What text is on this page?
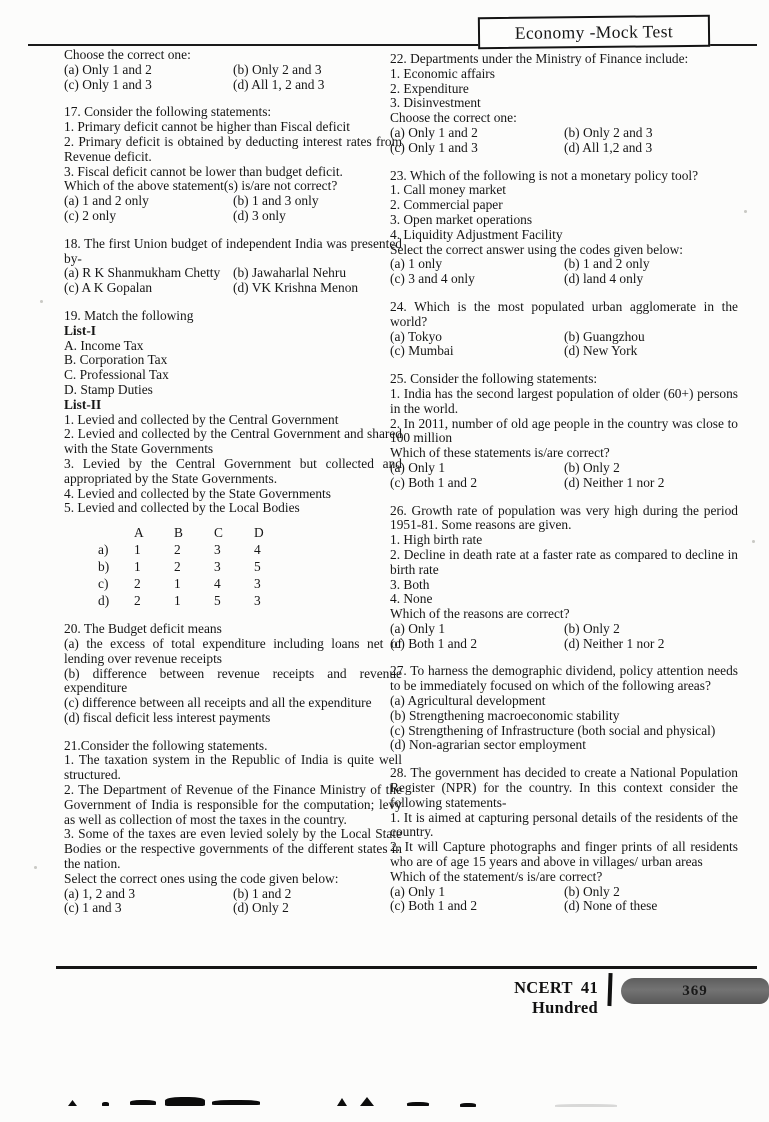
Economy -Mock Test
Choose the correct one:
(a) Only 1 and 2	(b) Only 2 and 3
(c) Only 1 and 3	(d) All 1, 2 and 3
17. Consider the following statements:
1. Primary deficit cannot be higher than Fiscal deficit
2. Primary deficit is obtained by deducting interest rates from Revenue deficit.
3. Fiscal deficit cannot be lower than budget deficit.
Which of the above statement(s) is/are not correct?
(a) 1 and 2 only	(b) 1 and 3 only
(c) 2 only	(d) 3 only
18. The first Union budget of independent India was presented by-
(a) R K Shanmukham Chetty (b) Jawaharlal Nehru
(c) A K Gopalan	(d) VK Krishna Menon
19. Match the following
List-I
A. Income Tax
B. Corporation Tax
C. Professional Tax
D. Stamp Duties
List-II
1. Levied and collected by the Central Government
2. Levied and collected by the Central Government and shared with the State Governments
3. Levied by the Central Government but collected and appropriated by the State Governments.
4. Levied and collected by the State Governments
5. Levied and collected by the Local Bodies
A	B	C	D
a)	1	2	3	4
b)	1	2	3	5
c)	2	1	4	3
d)	2	1	5	3
20. The Budget deficit means
(a) the excess of total expenditure including loans net of lending over revenue receipts
(b) difference between revenue receipts and revenue expenditure
(c) difference between all receipts and all the expenditure
(d) fiscal deficit less interest payments
21.Consider the following statements.
1. The taxation system in the Republic of India is quite well structured.
2. The Department of Revenue of the Finance Ministry of the Government of India is responsible for the computation; levy as well as collection of most the taxes in the country.
3. Some of the taxes are even levied solely by the Local State Bodies or the respective governments of the different states in the nation.
Select the correct ones using the code given below:
(a) 1, 2 and 3	(b) 1 and 2
(c) 1 and 3	(d) Only 2
22. Departments under the Ministry of Finance include:
1. Economic affairs
2. Expenditure
3. Disinvestment
Choose the correct one:
(a) Only 1 and 2	(b) Only 2 and 3
(c) Only 1 and 3	(d) All 1,2 and 3
23. Which of the following is not a monetary policy tool?
1. Call money market
2. Commercial paper
3. Open market operations
4. Liquidity Adjustment Facility
Select the correct answer using the codes given below:
(a) 1 only	(b) 1 and 2 only
(c) 3 and 4 only	(d) land 4 only
24. Which is the most populated urban agglomerate in the world?
(a) Tokyo	(b) Guangzhou
(c) Mumbai	(d) New York
25. Consider the following statements:
1. India has the second largest population of older (60+) persons in the world.
2. In 2011, number of old age people in the country was close to 100 million
Which of these statements is/are correct?
(a) Only 1	(b) Only 2
(c) Both 1 and 2	(d) Neither 1 nor 2
26. Growth rate of population was very high during the period 1951-81. Some reasons are given.
1. High birth rate
2. Decline in death rate at a faster rate as compared to decline in birth rate
3. Both
4. None
Which of the reasons are correct?
(a) Only 1	(b) Only 2
(c) Both 1 and 2	(d) Neither 1 nor 2
27. To harness the demographic dividend, policy attention needs to be immediately focused on which of the following areas?
(a) Agricultural development
(b) Strengthening macroeconomic stability
(c) Strengthening of Infrastructure (both social and physical)
(d) Non-agrarian sector employment
28. The government has decided to create a National Population Register (NPR) for the country. In this context consider the following statements-
1. It is aimed at capturing personal details of the residents of the country.
2. It will Capture photographs and finger prints of all residents who are of age 15 years and above in villages/ urban areas
Which of the statement/s is/are correct?
(a) Only 1	(b) Only 2
(c) Both 1 and 2	(d) None of these
NCERT 41 Hundred
369
